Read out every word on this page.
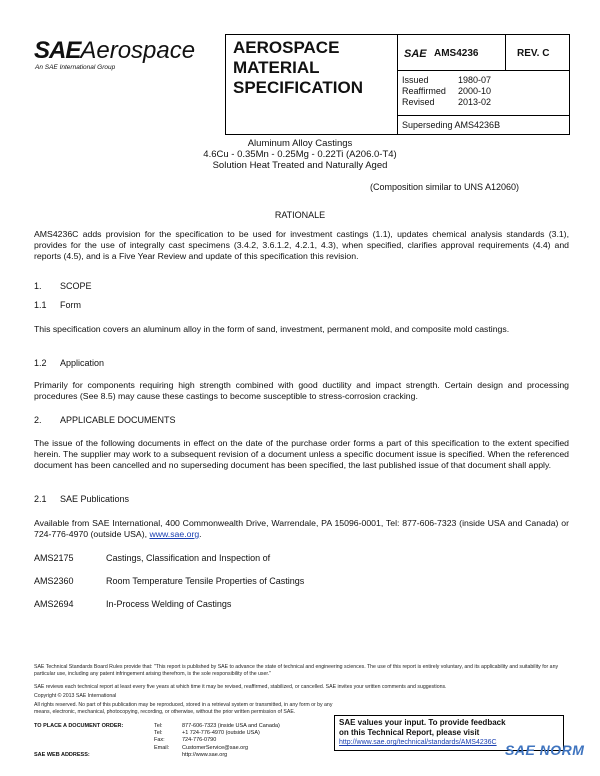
SAEAerospace
An SAE International Group
AEROSPACE
MATERIAL
SPECIFICATION
SAE AMS4236	REV. C
Issued	1980-07
Reaffirmed	2000-10
Revised	2013-02
Superseding AMS4236B
Aluminum Alloy Castings
4.6Cu - 0.35Mn - 0.25Mg - 0.22Ti (A206.0-T4)
Solution Heat Treated and Naturally Aged
(Composition similar to UNS A12060)
RATIONALE
AMS4236C adds provision for the specification to be used for investment castings (1.1), updates chemical analysis standards (3.1), provides for the use of integrally cast specimens (3.4.2, 3.6.1.2, 4.2.1, 4.3), when specified, clarifies approval requirements (4.4) and reports (4.5), and is a Five Year Review and update of this specification this revision.
1. SCOPE
1.1 Form
This specification covers an aluminum alloy in the form of sand, investment, permanent mold, and composite mold castings.
1.2 Application
Primarily for components requiring high strength combined with good ductility and impact strength. Certain design and processing procedures (See 8.5) may cause these castings to become susceptible to stress-corrosion cracking.
2. APPLICABLE DOCUMENTS
The issue of the following documents in effect on the date of the purchase order forms a part of this specification to the extent specified herein. The supplier may work to a subsequent revision of a document unless a specific document issue is specified. When the referenced document has been cancelled and no superseding document has been specified, the last published issue of that document shall apply.
2.1 SAE Publications
Available from SAE International, 400 Commonwealth Drive, Warrendale, PA 15096-0001, Tel: 877-606-7323 (inside USA and Canada) or 724-776-4970 (outside USA), www.sae.org.
AMS2175	Castings, Classification and Inspection of
AMS2360	Room Temperature Tensile Properties of Castings
AMS2694	In-Process Welding of Castings
SAE Technical Standards Board Rules provide that: "This report is published by SAE to advance the state of technical and engineering sciences. The use of this report is entirely voluntary, and its applicability and suitability for any particular use, including any patent infringement arising therefrom, is the sole responsibility of the user."
SAE reviews each technical report at least every five years at which time it may be revised, reaffirmed, stabilized, or cancelled. SAE invites your written comments and suggestions.
Copyright © 2013 SAE International
All rights reserved. No part of this publication may be reproduced, stored in a retrieval system or transmitted, in any form or by any means, electronic, mechanical, photocopying, recording, or otherwise, without the prior written permission of SAE.
TO PLACE A DOCUMENT ORDER:	Tel:	877-606-7323 (inside USA and Canada)
Tel:	+1 724-776-4970 (outside USA)
Fax:	724-776-0790
Email: CustomerService@sae.org
SAE WEB ADDRESS:	http://www.sae.org
SAE values your input. To provide feedback
on this Technical Report, please visit
http://www.sae.org/technical/standards/AMS4236C SAE NORM
